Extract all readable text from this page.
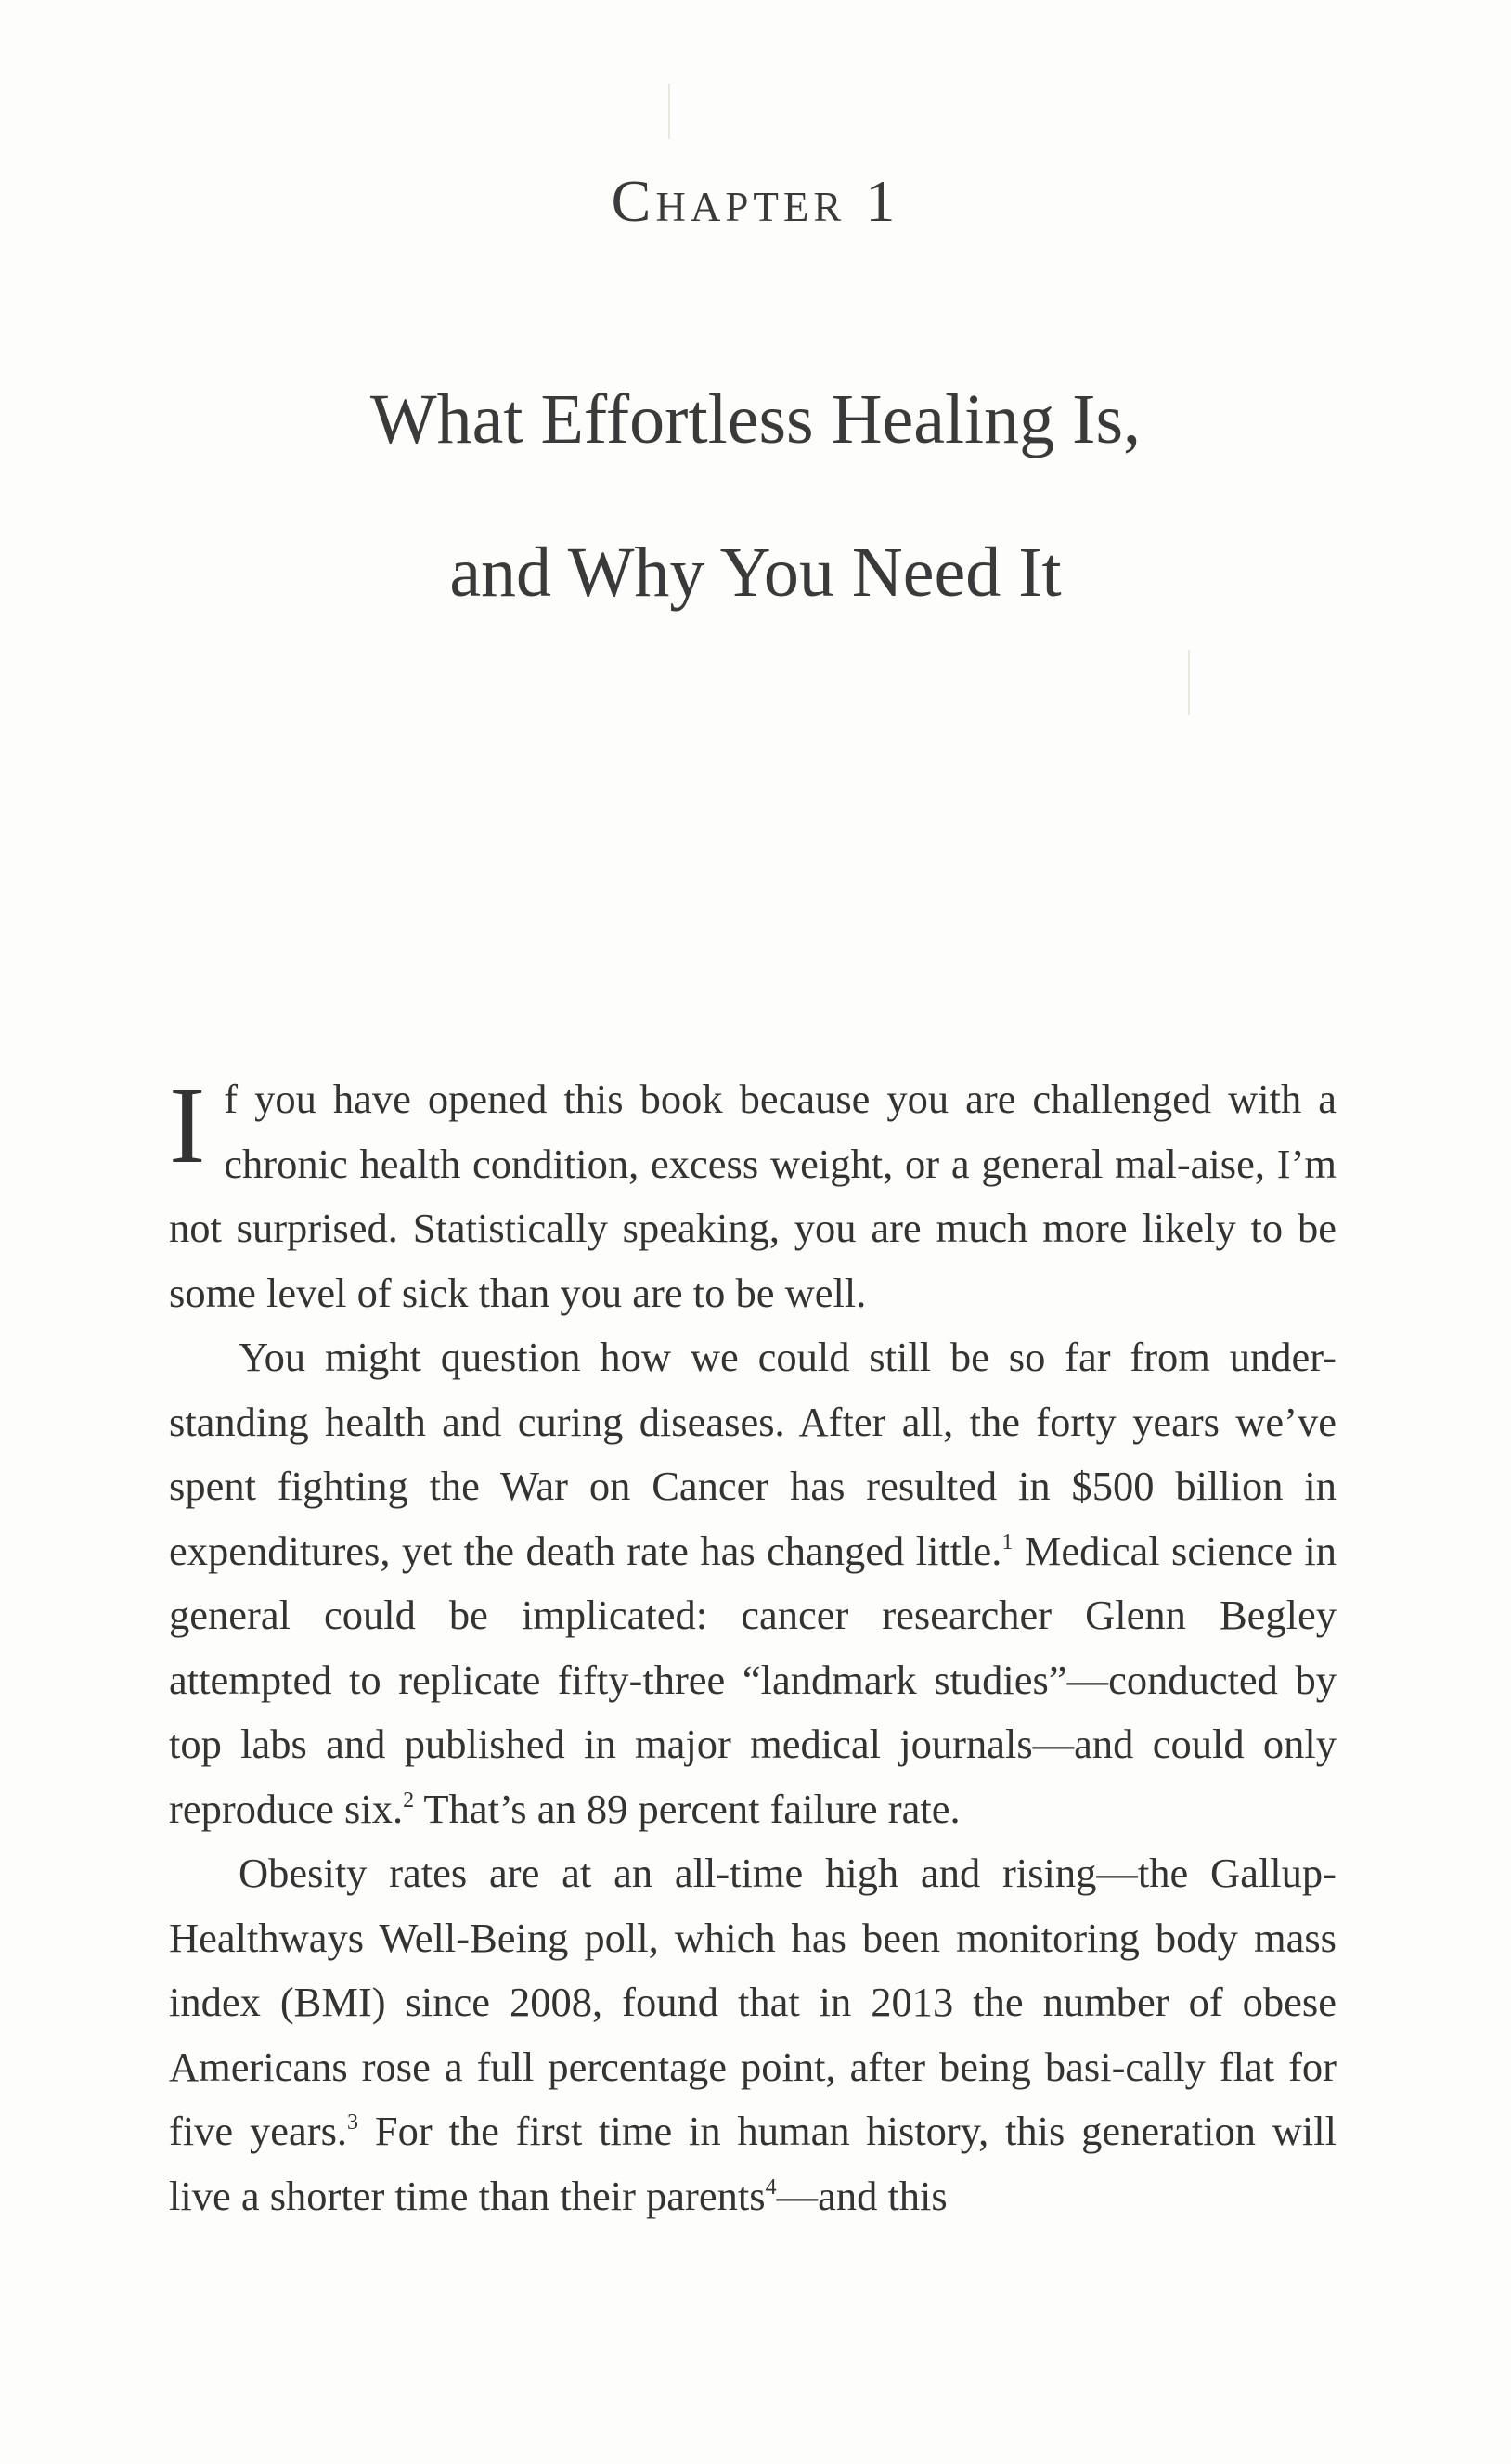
Chapter 1
What Effortless Healing Is,
and Why You Need It

If you have opened this book because you are challenged with a chronic health condition, excess weight, or a general mal-aise, I’m not surprised. Statistically speaking, you are much more likely to be some level of sick than you are to be well.

You might question how we could still be so far from under-standing health and curing diseases. After all, the forty years we’ve spent fighting the War on Cancer has resulted in $500 billion in expenditures, yet the death rate has changed little.$^1$ Medical science in general could be implicated: cancer researcher Glenn Begley attempted to replicate fifty-three “landmark studies”—conducted by top labs and published in major medical journals—and could only reproduce six.$^2$ That’s an 89 percent failure rate.

Obesity rates are at an all-time high and rising—the Gallup-Healthways Well-Being poll, which has been monitoring body mass index (BMI) since 2008, found that in 2013 the number of obese Americans rose a full percentage point, after being basi-cally flat for five years.$^3$ For the first time in human history, this generation will live a shorter time than their parents$^4$—and this
